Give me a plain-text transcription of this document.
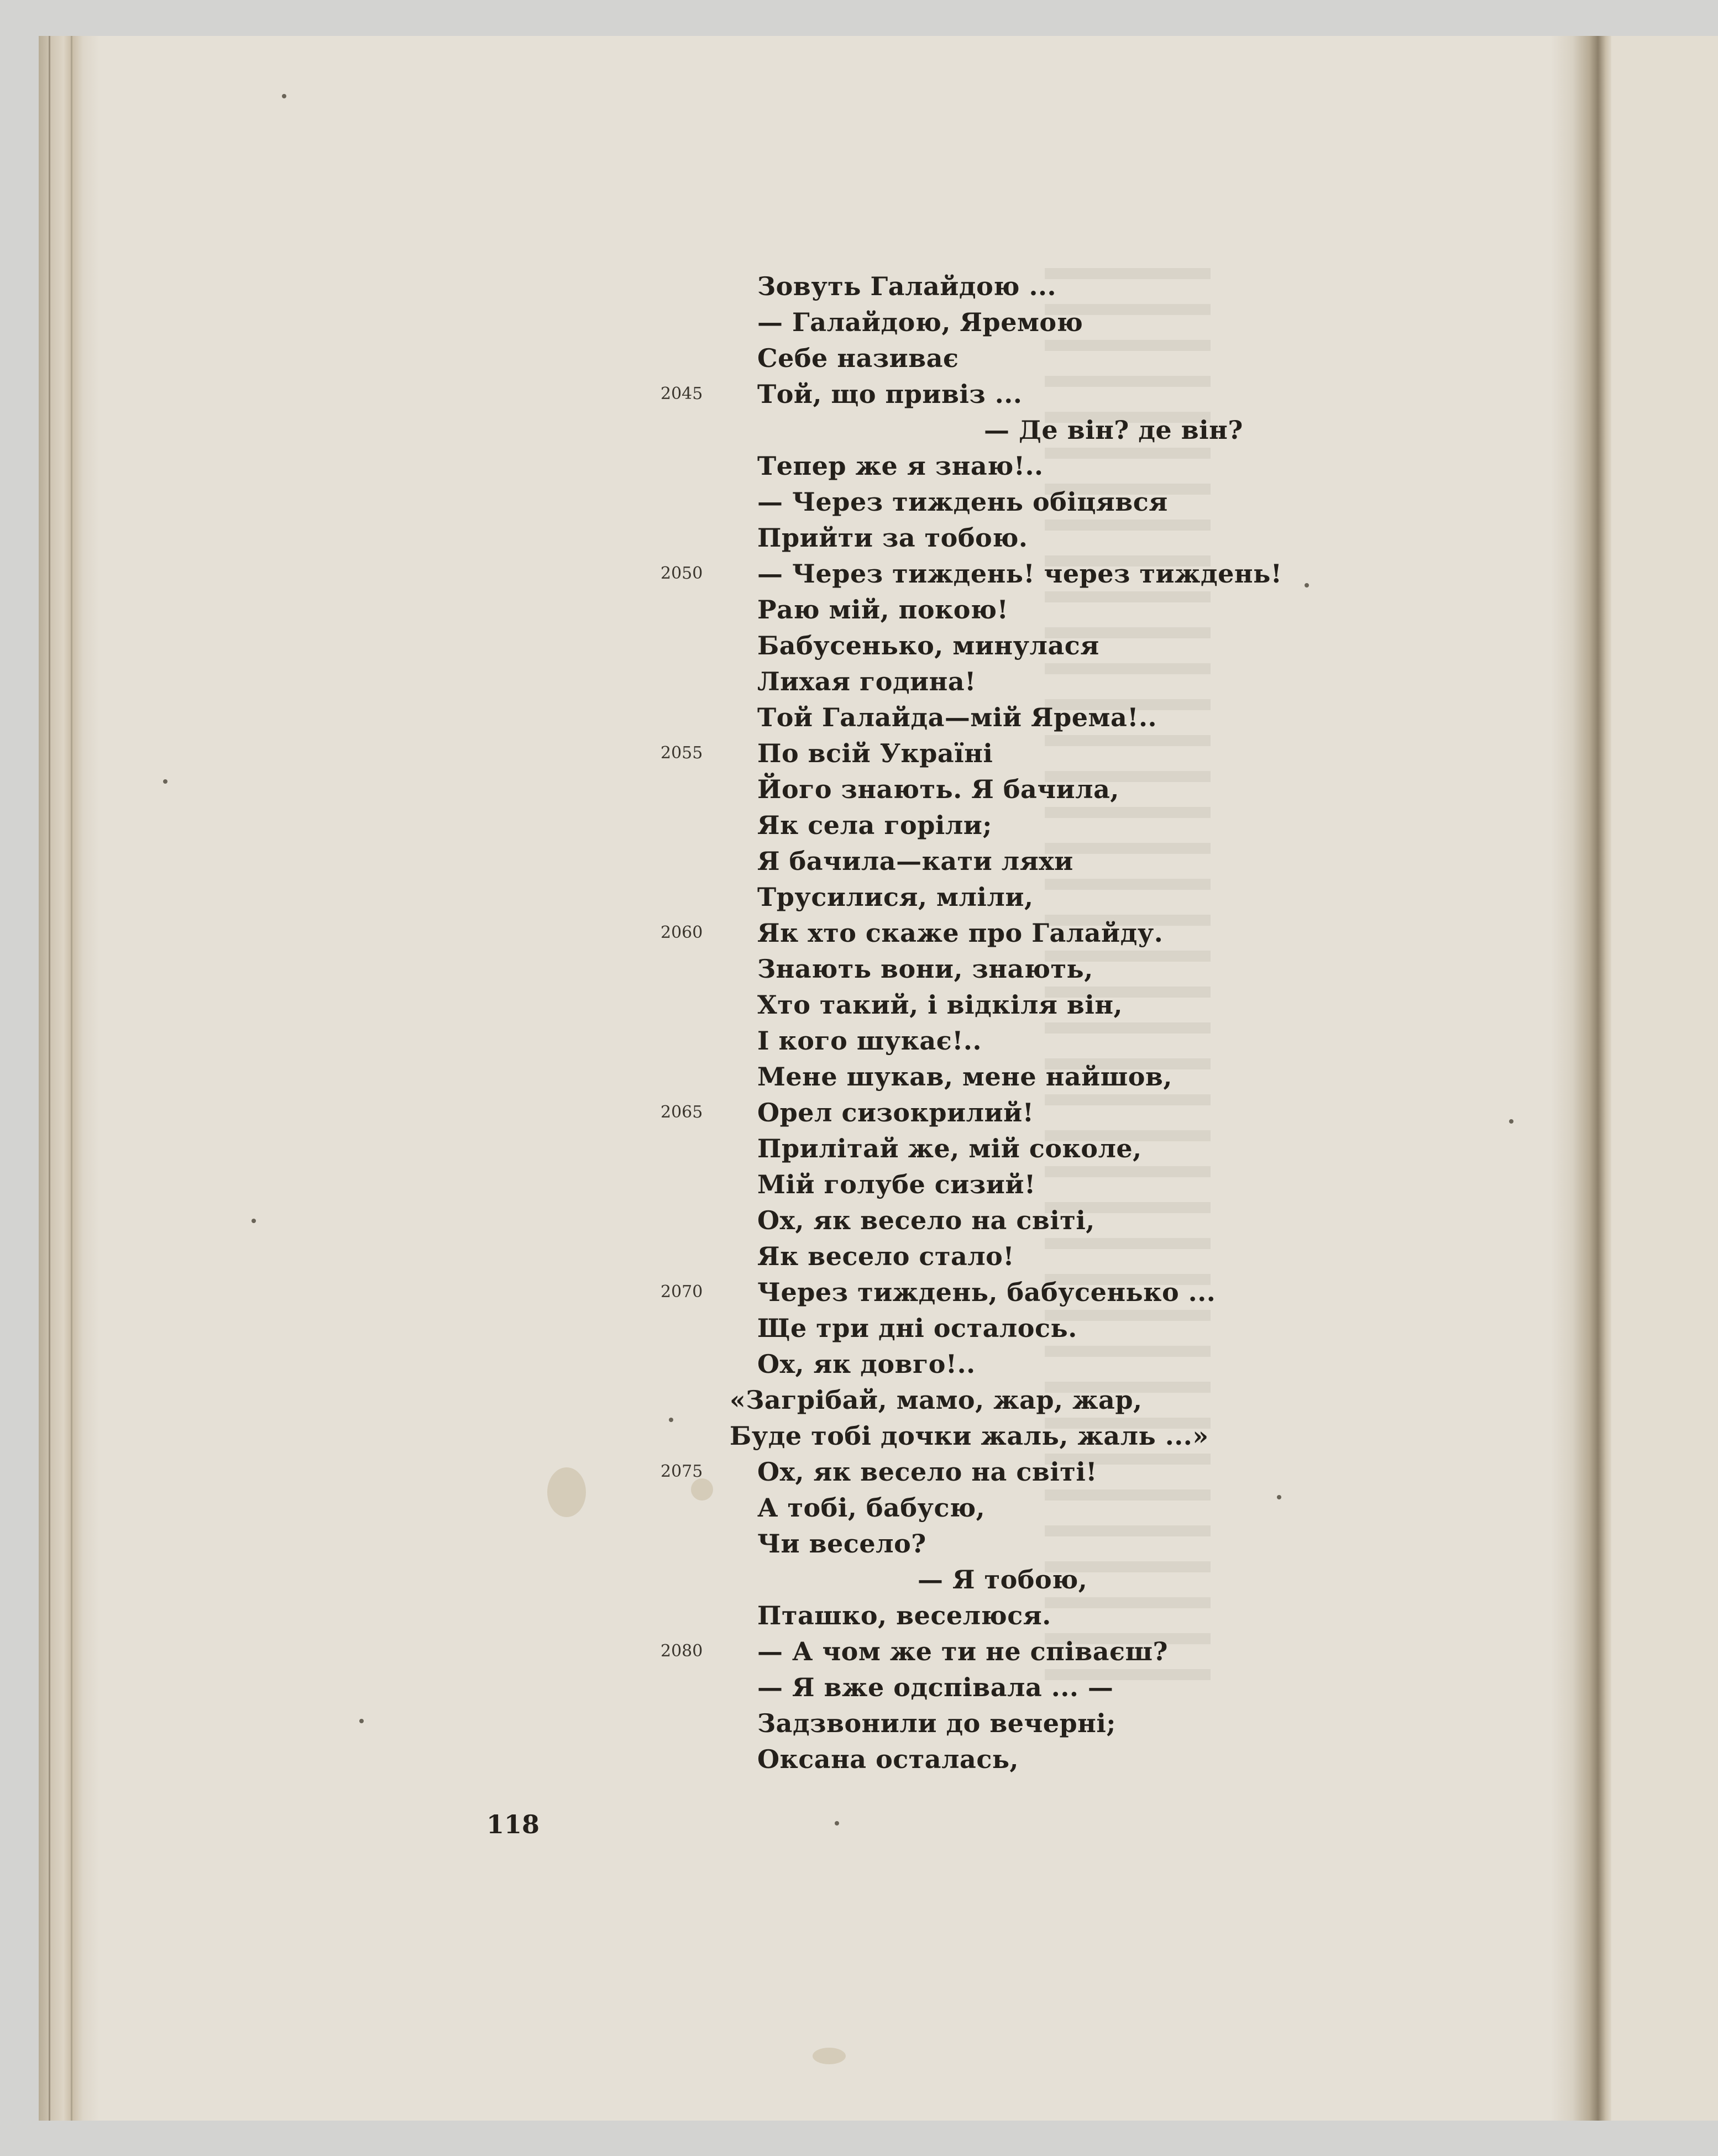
Зовуть Галайдою ...
— Галайдою, Яремою
Себе називає
Той, що привіз ...
— Де він? де він?
Тепер же я знаю!..
— Через тиждень обіцявся
Прийти за тобою.
— Через тиждень! через тиждень!
Раю мій, покою!
Бабусенько, минулася
Лихая година!
Той Галайда—мій Ярема!..
По всій Україні
Його знають. Я бачила,
Як села горіли;
Я бачила—кати ляхи
Трусилися, мліли,
Як хто скаже про Галайду.
Знають вони, знають,
Хто такий, і відкіля він,
І кого шукає!..
Мене шукав, мене найшов,
Орел сизокрилий!
Прилітай же, мій соколе,
Мій голубе сизий!
Ох, як весело на світі,
Як весело стало!
Через тиждень, бабусенько ...
Ще три дні осталось.
Ох, як довго!..
«Загрібай, мамо, жар, жар,
Буде тобі дочки жаль, жаль ...»
Ох, як весело на світі!
А тобі, бабусю,
Чи весело?
— Я тобою,
Пташко, веселюся.
— А чом же ти не співаєш?
— Я вже одспівала ... —
Задзвонили до вечерні;
Оксана осталась,
2045
2050
2055
2060
2065
2070
2075
2080
118
